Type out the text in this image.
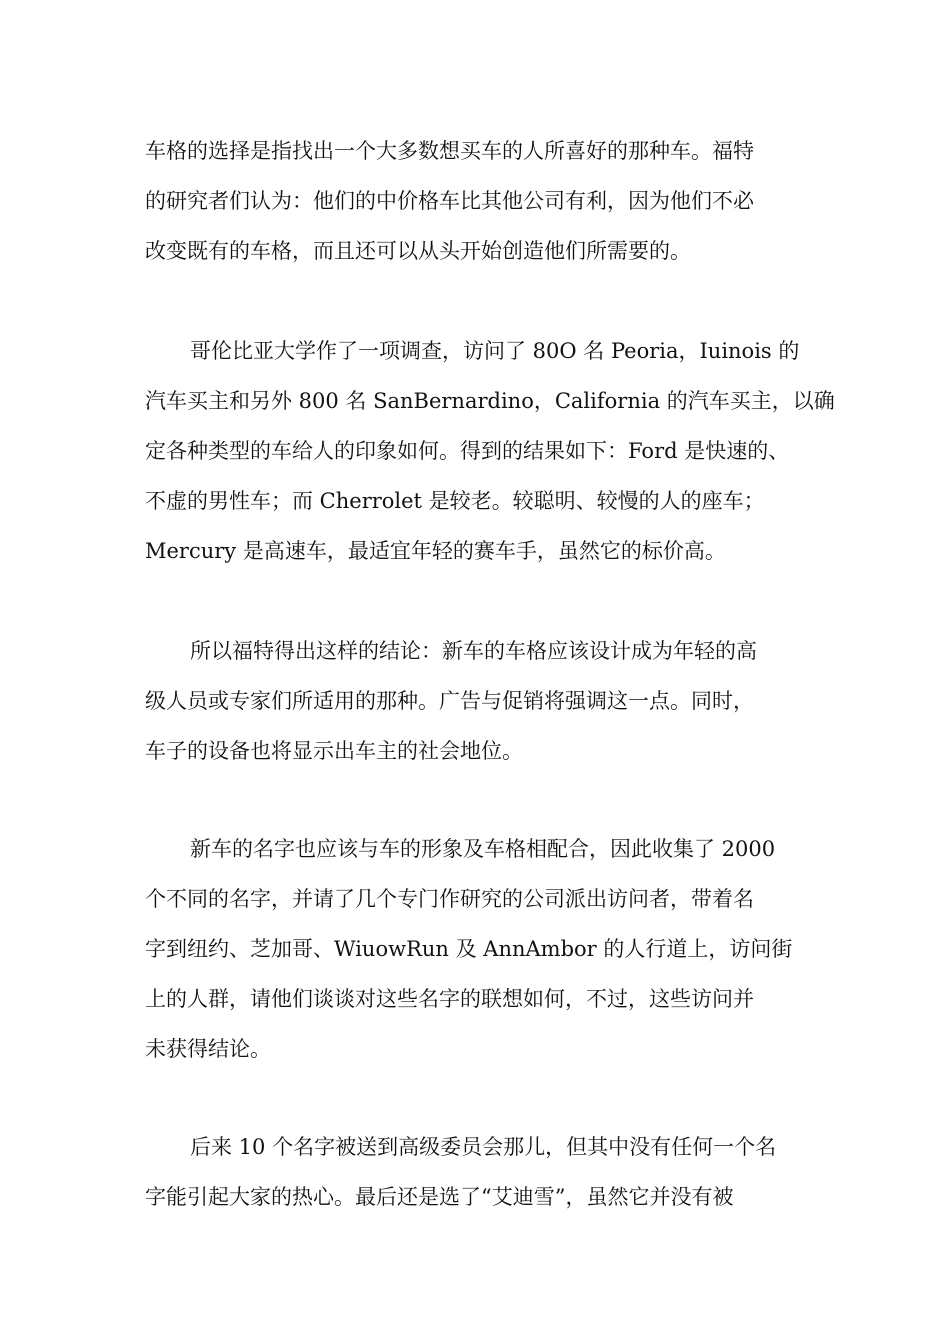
车格的选择是指找出一个大多数想买车的人所喜好的那种车。福特
的研究者们认为：他们的中价格车比其他公司有利，因为他们不必
改变既有的车格，而且还可以从头开始创造他们所需要的。
哥伦比亚大学作了一项调查，访问了 80O 名 Peoria，Iuinois 的
汽车买主和另外 800 名 SanBernardino，California 的汽车买主，以确
定各种类型的车给人的印象如何。得到的结果如下：Ford 是快速的、
不虚的男性车；而 Cherrolet 是较老。较聪明、较慢的人的座车；
Mercury 是高速车，最适宜年轻的赛车手，虽然它的标价高。
所以福特得出这样的结论：新车的车格应该设计成为年轻的高
级人员或专家们所适用的那种。广告与促销将强调这一点。同时，
车子的设备也将显示出车主的社会地位。
新车的名字也应该与车的形象及车格相配合，因此收集了 2000
个不同的名字，并请了几个专门作研究的公司派出访问者，带着名
字到纽约、芝加哥、WiuowRun 及 AnnAmbor 的人行道上，访问街
上的人群，请他们谈谈对这些名字的联想如何，不过，这些访问并
未获得结论。
后来 10 个名字被送到高级委员会那儿，但其中没有任何一个名
字能引起大家的热心。最后还是选了“艾迪雪”，虽然它并没有被
